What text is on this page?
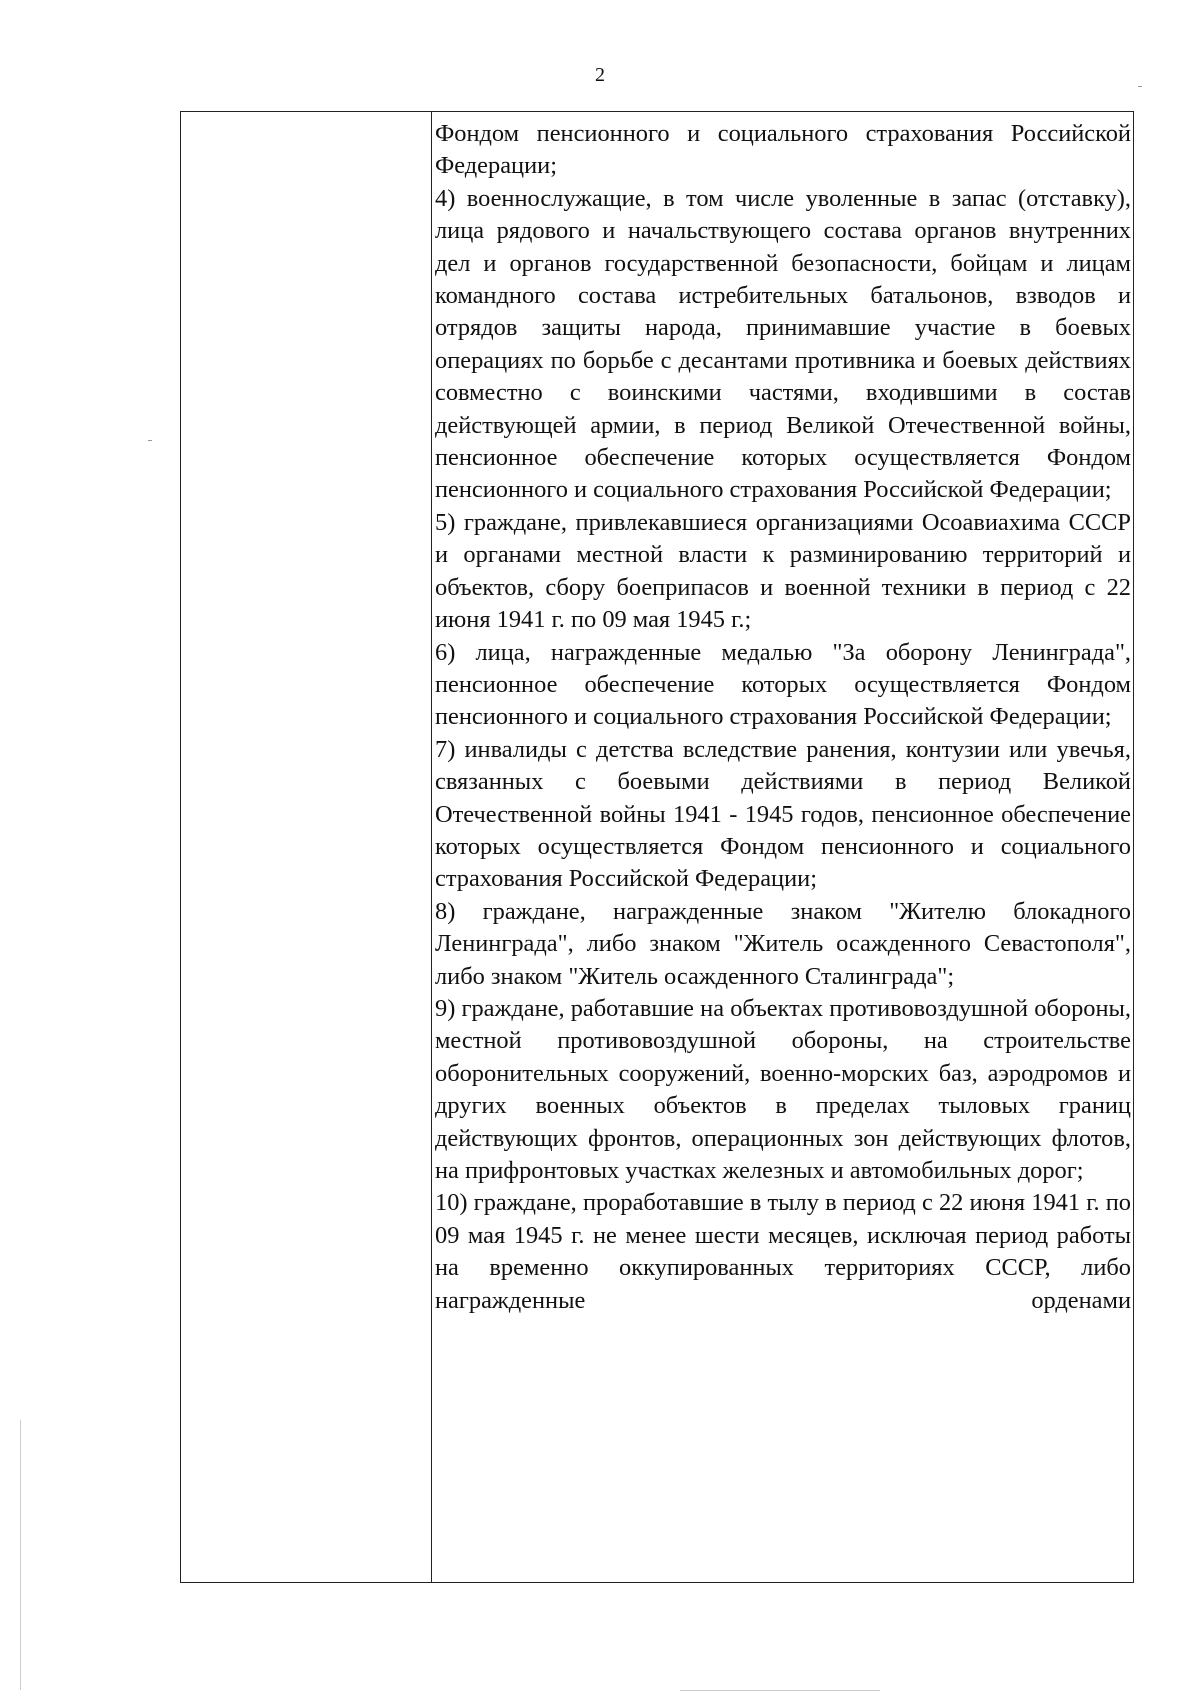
2

Фондом пенсионного и социального страхования Российской Федерации;

4) военнослужащие, в том числе уволенные в запас (отставку), лица рядового и начальствующего состава органов внутренних дел и органов государственной безопасности, бойцам и лицам командного состава истребительных батальонов, взводов и отрядов защиты народа, принимавшие участие в боевых операциях по борьбе с десантами противника и боевых действиях совместно с воинскими частями, входившими в состав действующей армии, в период Великой Отечественной войны, пенсионное обеспечение которых осуществляется Фондом пенсионного и социального страхования Российской Федерации;

5) граждане, привлекавшиеся организациями Осоавиахима СССР и органами местной власти к разминированию территорий и объектов, сбору боеприпасов и военной техники в период с 22 июня 1941 г. по 09 мая 1945 г.;

6) лица, награжденные медалью "За оборону Ленинграда", пенсионное обеспечение которых осуществляется Фондом пенсионного и социального страхования Российской Федерации;

7) инвалиды с детства вследствие ранения, контузии или увечья, связанных с боевыми действиями в период Великой Отечественной войны 1941 - 1945 годов, пенсионное обеспечение которых осуществляется Фондом пенсионного и социального страхования Российской Федерации;

8) граждане, награжденные знаком "Жителю блокадного Ленинграда", либо знаком "Житель осажденного Севастополя", либо знаком "Житель осажденного Сталинграда";

9) граждане, работавшие на объектах противовоздушной обороны, местной противовоздушной обороны, на строительстве оборонительных сооружений, военно-морских баз, аэродромов и других военных объектов в пределах тыловых границ действующих фронтов, операционных зон действующих флотов, на прифронтовых участках железных и автомобильных дорог;

10) граждане, проработавшие в тылу в период с 22 июня 1941 г. по 09 мая 1945 г. не менее шести месяцев, исключая период работы на временно оккупированных территориях СССР, либо награжденные орденами
